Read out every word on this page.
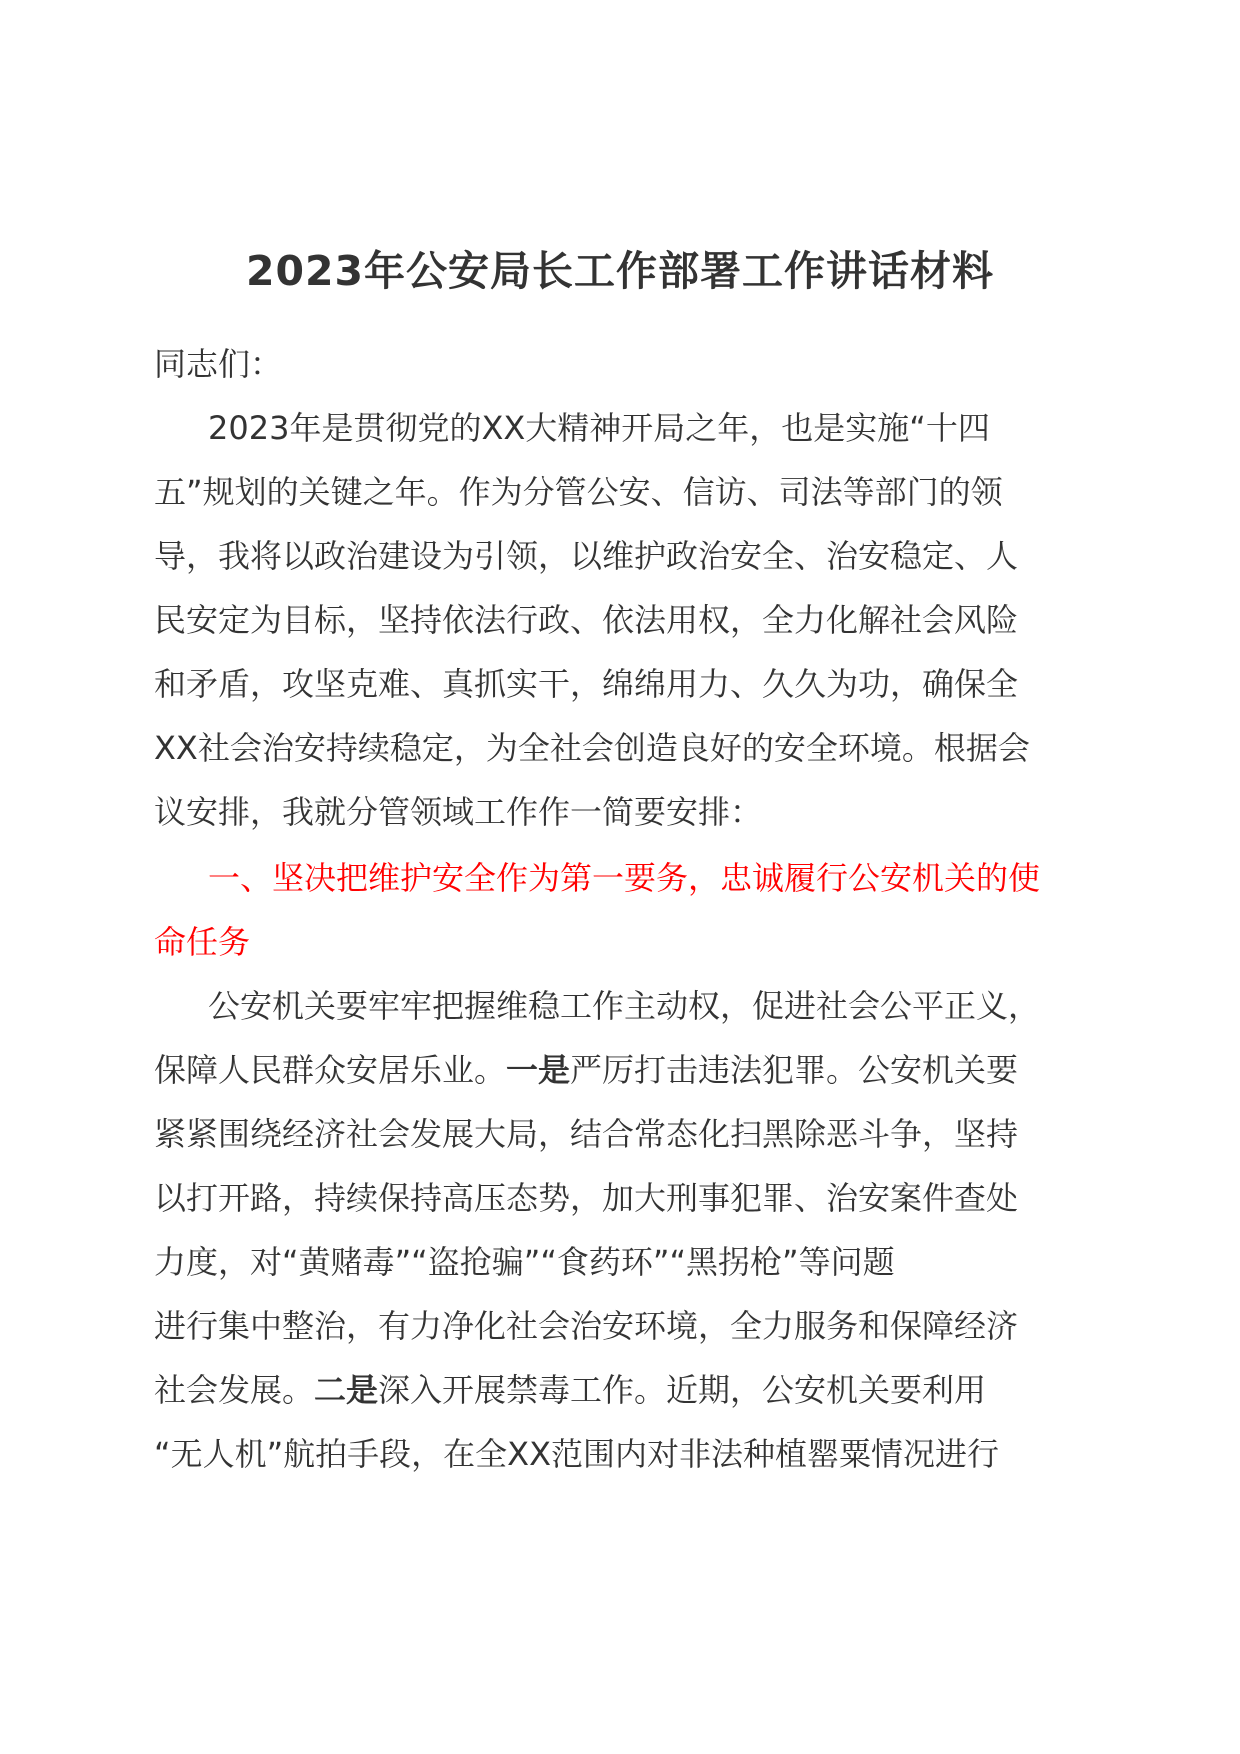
2023年公安局长工作部署工作讲话材料
同志们：
2023年是贯彻党的XX大精神开局之年，也是实施“十四
五”规划的关键之年。作为分管公安、信访、司法等部门的领
导，我将以政治建设为引领，以维护政治安全、治安稳定、人
民安定为目标，坚持依法行政、依法用权，全力化解社会风险
和矛盾，攻坚克难、真抓实干，绵绵用力、久久为功，确保全
XX社会治安持续稳定，为全社会创造良好的安全环境。根据会
议安排，我就分管领域工作作一简要安排：
一、坚决把维护安全作为第一要务，忠诚履行公安机关的使
命任务
公安机关要牢牢把握维稳工作主动权，促进社会公平正义，
保障人民群众安居乐业。一是严厉打击违法犯罪。公安机关要
紧紧围绕经济社会发展大局，结合常态化扫黑除恶斗争，坚持
以打开路，持续保持高压态势，加大刑事犯罪、治安案件查处
力度，对“黄赌毒”“盗抢骗”“食药环”“黑拐枪”等问题
进行集中整治，有力净化社会治安环境，全力服务和保障经济
社会发展。二是深入开展禁毒工作。近期，公安机关要利用
“无人机”航拍手段，在全XX范围内对非法种植罂粟情况进行
